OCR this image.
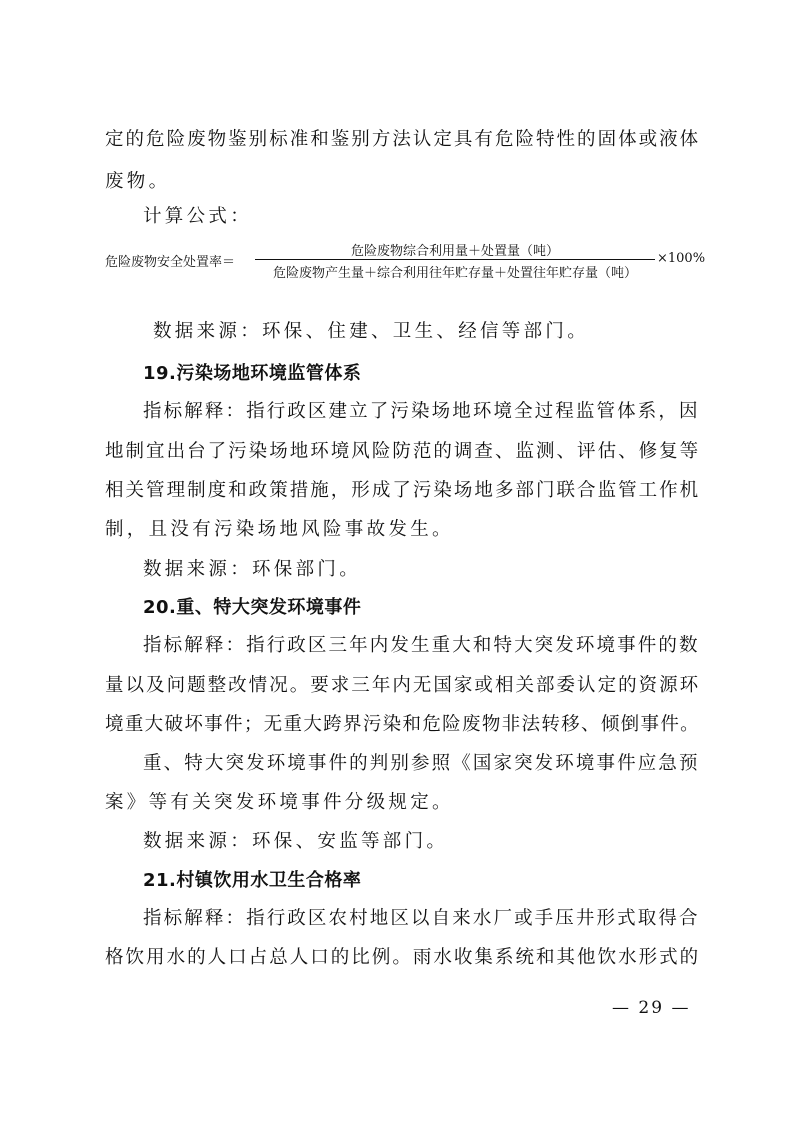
定的危险废物鉴别标准和鉴别方法认定具有危险特性的固体或液体
废物。
计算公式：
危险废物安全处置率＝
危险废物综合利用量＋处置量（吨）
危险废物产生量＋综合利用往年贮存量＋处置往年贮存量（吨）
×100%
数据来源：环保、住建、卫生、经信等部门。
19.污染场地环境监管体系
指标解释：指行政区建立了污染场地环境全过程监管体系，因
地制宜出台了污染场地环境风险防范的调查、监测、评估、修复等
相关管理制度和政策措施，形成了污染场地多部门联合监管工作机
制，且没有污染场地风险事故发生。
数据来源：环保部门。
20.重、特大突发环境事件
指标解释：指行政区三年内发生重大和特大突发环境事件的数
量以及问题整改情况。要求三年内无国家或相关部委认定的资源环
境重大破坏事件；无重大跨界污染和危险废物非法转移、倾倒事件。
重、特大突发环境事件的判别参照《国家突发环境事件应急预
案》等有关突发环境事件分级规定。
数据来源：环保、安监等部门。
21.村镇饮用水卫生合格率
指标解释：指行政区农村地区以自来水厂或手压井形式取得合
格饮用水的人口占总人口的比例。雨水收集系统和其他饮水形式的
— 29 —
